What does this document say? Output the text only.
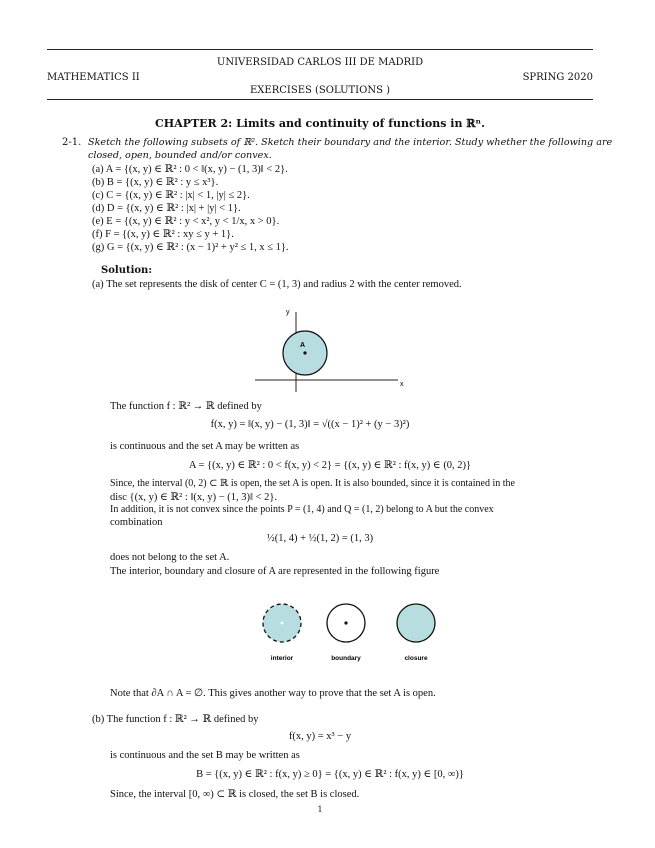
UNIVERSIDAD CARLOS III DE MADRID
MATHEMATICS II	SPRING 2020
EXERCISES (SOLUTIONS )
CHAPTER 2: Limits and continuity of functions in ℝⁿ.
2-1. Sketch the following subsets of ℝ². Sketch their boundary and the interior. Study whether the following are
closed, open, bounded and/or convex.
(a) A = {(x, y) ∈ ℝ² : 0 < ‖(x, y) − (1, 3)‖ < 2}.
(b) B = {(x, y) ∈ ℝ² : y ≤ x³}.
(c) C = {(x, y) ∈ ℝ² : |x| < 1, |y| ≤ 2}.
(d) D = {(x, y) ∈ ℝ² : |x| + |y| < 1}.
(e) E = {(x, y) ∈ ℝ² : y < x², y < 1/x, x > 0}.
(f) F = {(x, y) ∈ ℝ² : xy ≤ y + 1}.
(g) G = {(x, y) ∈ ℝ² : (x − 1)² + y² ≤ 1, x ≤ 1}.
Solution:
(a) The set represents the disk of center C = (1, 3) and radius 2 with the center removed.
y
x
A
The function f : ℝ² → ℝ defined by
f(x, y) = ‖(x, y) − (1, 3)‖ = √((x − 1)² + (y − 3)²)
is continuous and the set A may be written as
A = {(x, y) ∈ ℝ² : 0 < f(x, y) < 2} = {(x, y) ∈ ℝ² : f(x, y) ∈ (0, 2)}
Since, the interval (0, 2) ⊂ ℝ is open, the set A is open. It is also bounded, since it is contained in the
disc {(x, y) ∈ ℝ² : ‖(x, y) − (1, 3)‖ < 2}.
In addition, it is not convex since the points P = (1, 4) and Q = (1, 2) belong to A but the convex
combination
½(1, 4) + ½(1, 2) = (1, 3)
does not belong to the set A.
The interior, boundary and closure of A are represented in the following figure
interior	boundary	closure
Note that ∂A ∩ A = ∅. This gives another way to prove that the set A is open.
(b) The function f : ℝ² → ℝ defined by
f(x, y) = x³ − y
is continuous and the set B may be written as
B = {(x, y) ∈ ℝ² : f(x, y) ≥ 0} = {(x, y) ∈ ℝ² : f(x, y) ∈ [0, ∞)}
Since, the interval [0, ∞) ⊂ ℝ is closed, the set B is closed.
1
